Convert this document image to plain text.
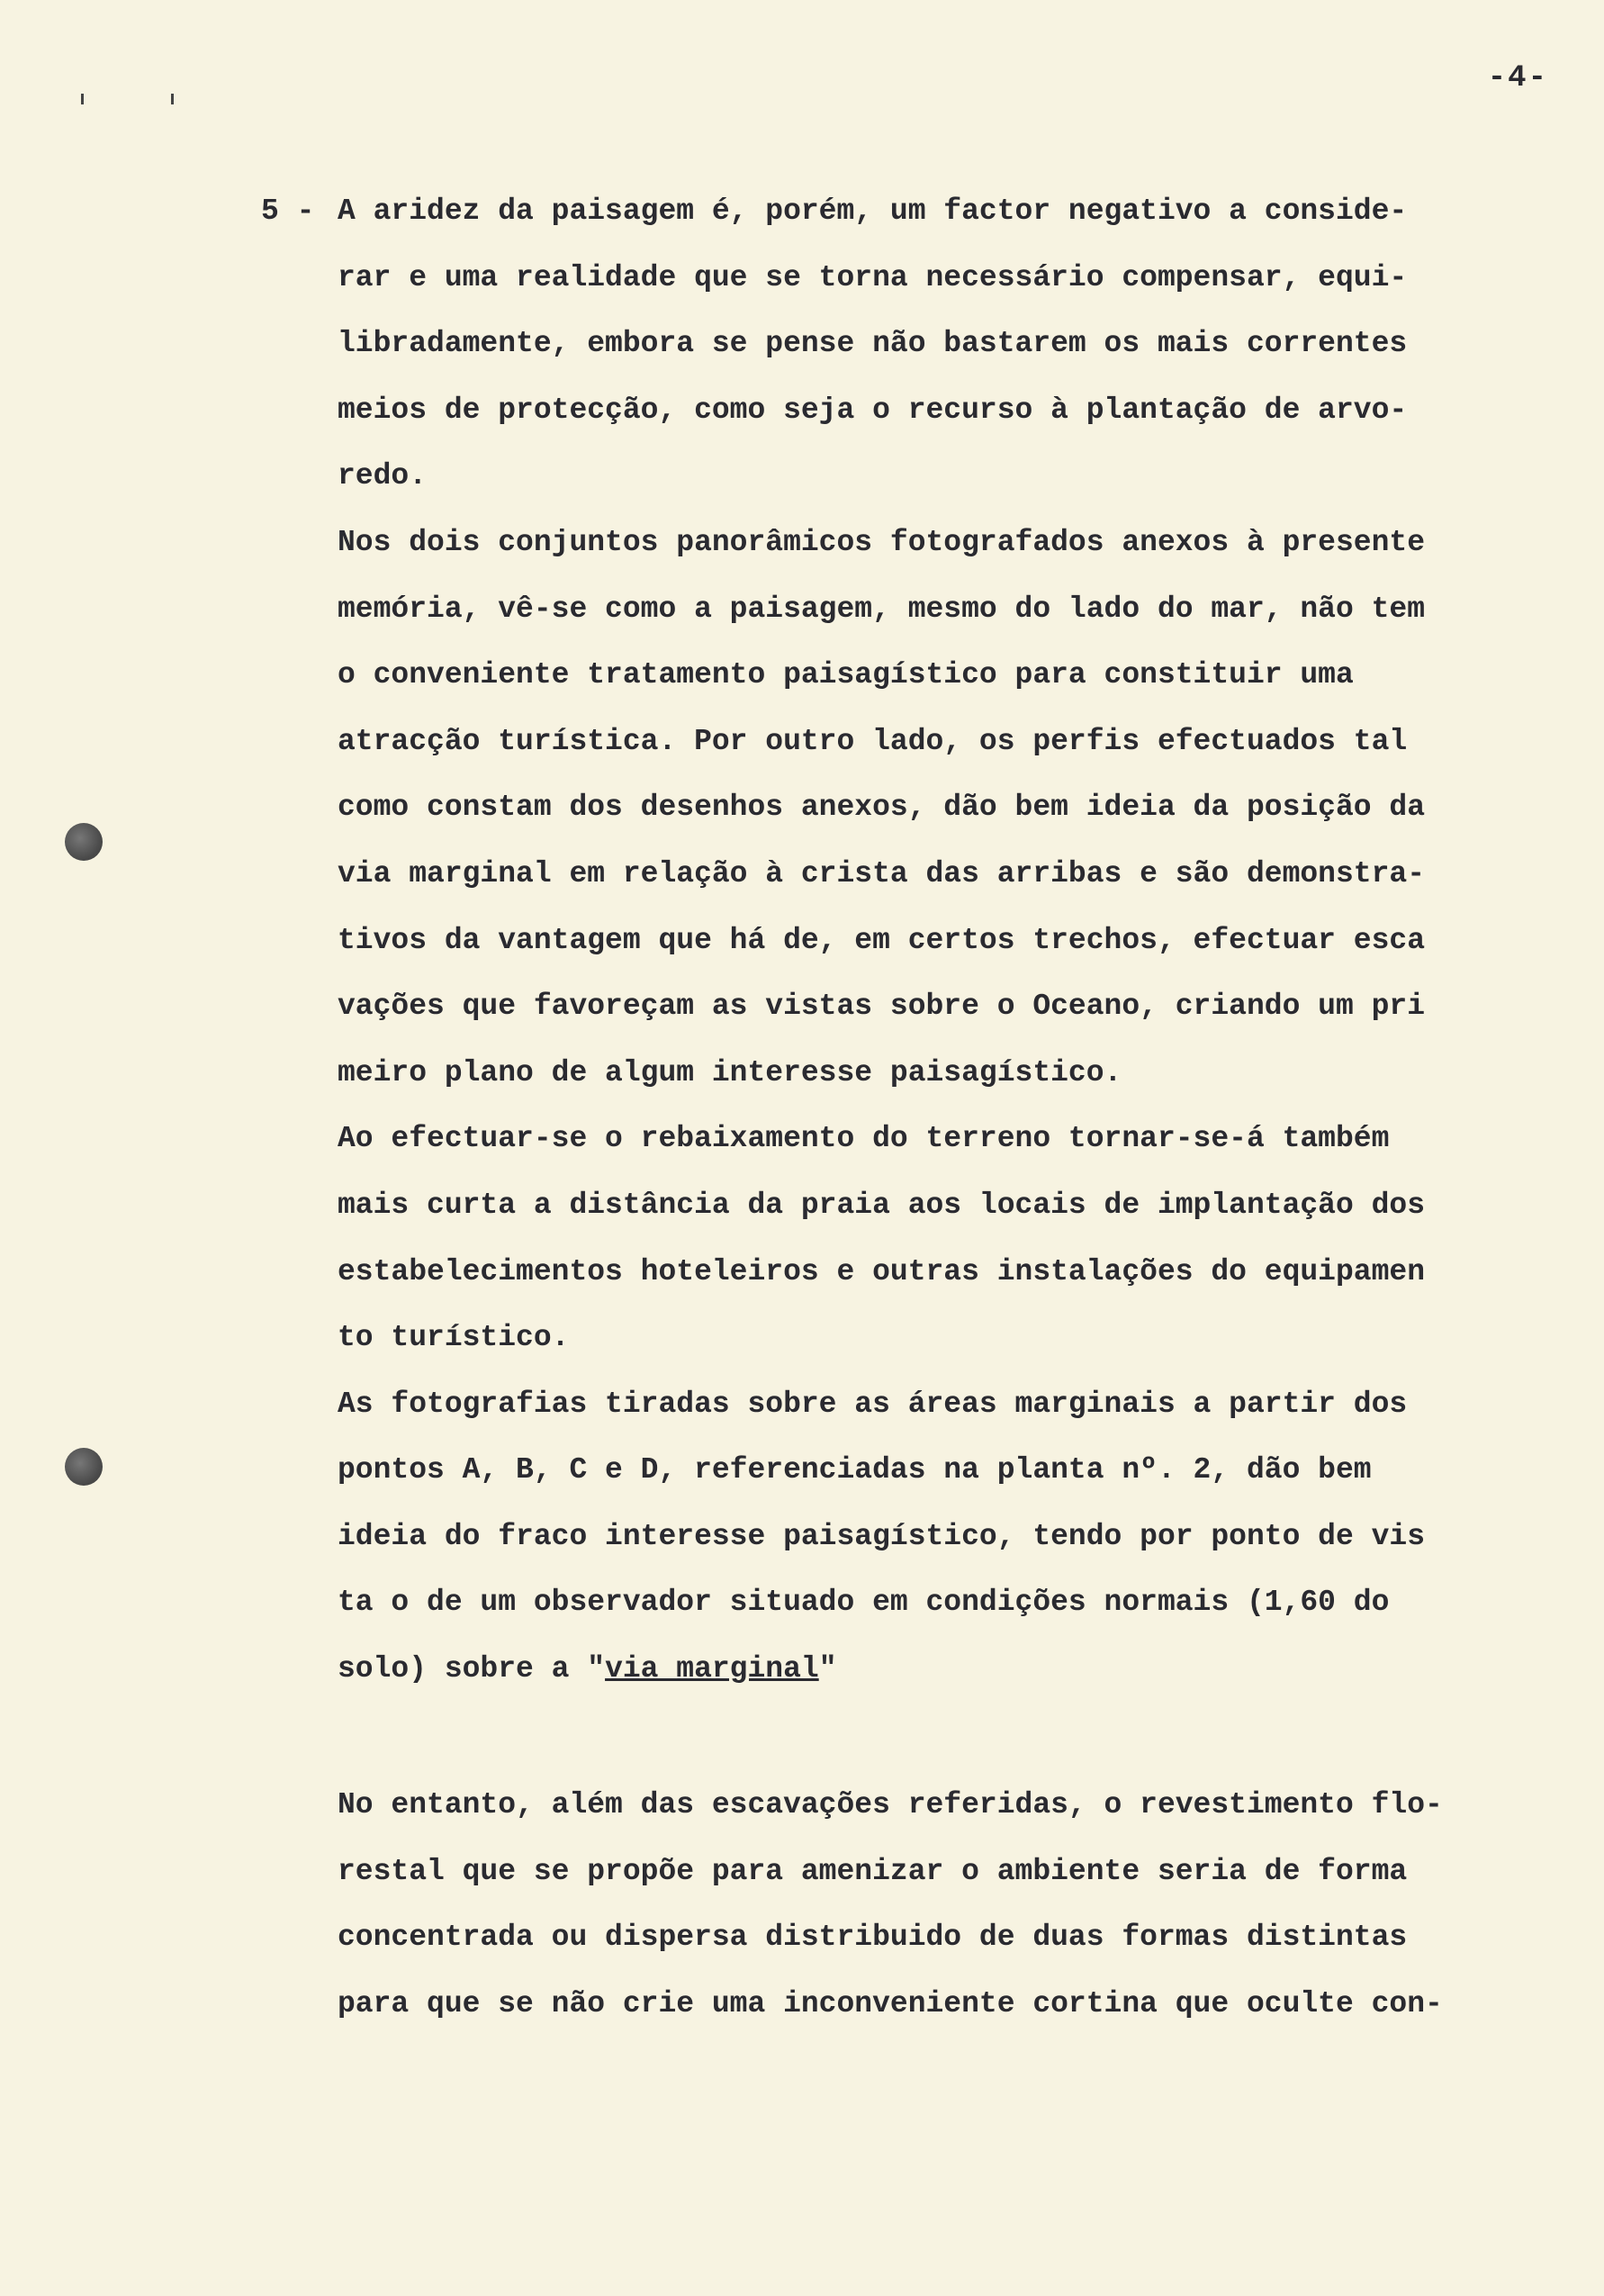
-4-
5 - A aridez da paisagem é, porém, um factor negativo a conside-
rar e uma realidade que se torna necessário compensar, equi-
libradamente, embora se pense não bastarem os mais correntes
meios de protecção, como seja o recurso à plantação de arvo-
redo.
Nos dois conjuntos panorâmicos fotografados anexos à presente
memória, vê-se como a paisagem, mesmo do lado do mar, não tem
o conveniente tratamento paisagístico para constituir uma
atracção turística. Por outro lado, os perfis efectuados tal
como constam dos desenhos anexos, dão bem ideia da posição da
via marginal em relação à crista das arribas e são demonstra-
tivos da vantagem que há de, em certos trechos, efectuar esca
vações que favoreçam as vistas sobre o Oceano, criando um pri
meiro plano de algum interesse paisagístico.
Ao efectuar-se o rebaixamento do terreno tornar-se-á também
mais curta a distância da praia aos locais de implantação dos
estabelecimentos hoteleiros e outras instalações do equipamen
to turístico.
As fotografias tiradas sobre as áreas marginais a partir dos
pontos A, B, C e D, referenciadas na planta nº. 2, dão bem
ideia do fraco interesse paisagístico, tendo por ponto de vis
ta o de um observador situado em condições normais (1,60 do
solo) sobre a "via marginal"
No entanto, além das escavações referidas, o revestimento flo-
restal que se propõe para amenizar o ambiente seria de forma
concentrada ou dispersa distribuido de duas formas distintas
para que se não crie uma inconveniente cortina que oculte con-
